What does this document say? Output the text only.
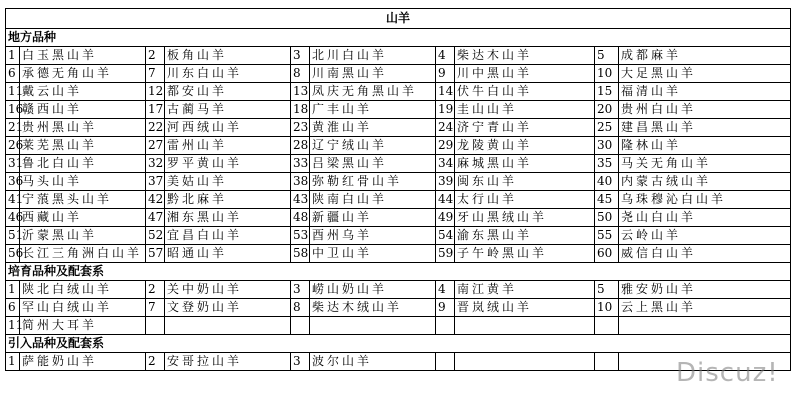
山羊									
地方品种									
1	白玉黑山羊	2	板角山羊	3	北川白山羊	4	柴达木山羊	5	成都麻羊
6	承德无角山羊	7	川东白山羊	8	川南黑山羊	9	川中黑山羊	10	大足黑山羊
11	戴云山羊	12	都安山羊	13	凤庆无角黑山羊	14	伏牛白山羊	15	福清山羊
16	赣西山羊	17	古蔺马羊	18	广丰山羊	19	圭山山羊	20	贵州白山羊
21	贵州黑山羊	22	河西绒山羊	23	黄淮山羊	24	济宁青山羊	25	建昌黑山羊
26	莱芜黑山羊	27	雷州山羊	28	辽宁绒山羊	29	龙陵黄山羊	30	隆林山羊
31	鲁北白山羊	32	罗平黄山羊	33	吕梁黑山羊	34	麻城黑山羊	35	马关无角山羊
36	马头山羊	37	美姑山羊	38	弥勒红骨山羊	39	闽东山羊	40	内蒙古绒山羊
41	宁蒗黑头山羊	42	黔北麻羊	43	陕南白山羊	44	太行山羊	45	乌珠穆沁白山羊
46	西藏山羊	47	湘东黑山羊	48	新疆山羊	49	牙山黑绒山羊	50	尧山白山羊
51	沂蒙黑山羊	52	宜昌白山羊	53	酉州乌羊	54	渝东黑山羊	55	云岭山羊
56	长江三角洲白山羊	57	昭通山羊	58	中卫山羊	59	子午岭黑山羊	60	威信白山羊
培育品种及配套系									
1	陕北白绒山羊	2	关中奶山羊	3	崂山奶山羊	4	南江黄羊	5	雅安奶山羊
6	罕山白绒山羊	7	文登奶山羊	8	柴达木绒山羊	9	晋岚绒山羊	10	云上黑山羊
11	简州大耳羊								
引入品种及配套系									
1	萨能奶山羊	2	安哥拉山羊	3	波尔山羊					Discuz!
